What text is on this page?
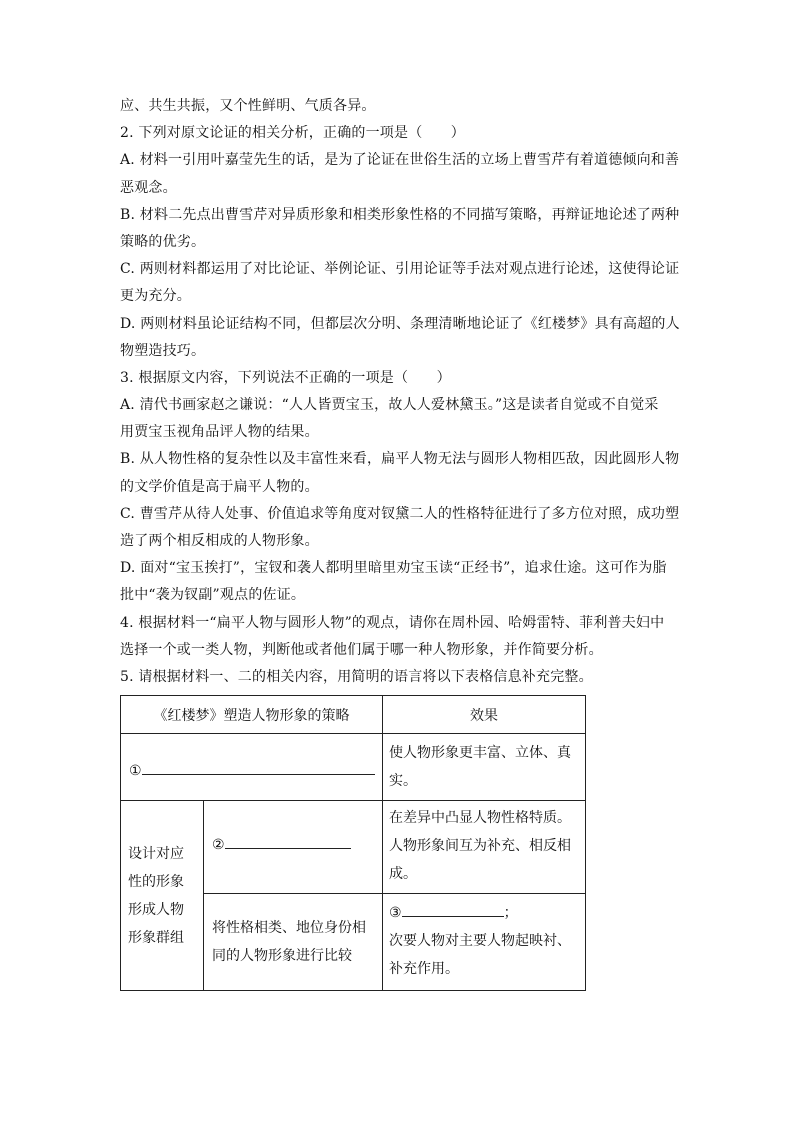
应、共生共振，又个性鲜明、气质各异。
2. 下列对原文论证的相关分析，正确的一项是（　　）
A. 材料一引用叶嘉莹先生的话，是为了论证在世俗生活的立场上曹雪芹有着道德倾向和善
恶观念。
B. 材料二先点出曹雪芹对异质形象和相类形象性格的不同描写策略，再辩证地论述了两种
策略的优劣。
C. 两则材料都运用了对比论证、举例论证、引用论证等手法对观点进行论述，这使得论证
更为充分。
D. 两则材料虽论证结构不同，但都层次分明、条理清晰地论证了《红楼梦》具有高超的人
物塑造技巧。
3. 根据原文内容，下列说法不正确的一项是（　　）
A. 清代书画家赵之谦说：“人人皆贾宝玉，故人人爱林黛玉。”这是读者自觉或不自觉采
用贾宝玉视角品评人物的结果。
B. 从人物性格的复杂性以及丰富性来看，扁平人物无法与圆形人物相匹敌，因此圆形人物
的文学价值是高于扁平人物的。
C. 曹雪芹从待人处事、价值追求等角度对钗黛二人的性格特征进行了多方位对照，成功塑
造了两个相反相成的人物形象。
D. 面对“宝玉挨打”，宝钗和袭人都明里暗里劝宝玉读“正经书”，追求仕途。这可作为脂
批中“袭为钗副”观点的佐证。
4. 根据材料一“扁平人物与圆形人物”的观点，请你在周朴园、哈姆雷特、菲利普夫妇中
选择一个或一类人物，判断他或者他们属于哪一种人物形象，并作简要分析。
5. 请根据材料一、二的相关内容，用简明的语言将以下表格信息补充完整。
《红楼梦》塑造人物形象的策略		效果

①		使人物形象更丰富、立体、真实。

设计对应性的形象形成人物形象群组	②	在差异中凸显人物性格特质。人物形象间互为补充、相反相成。

	将性格相类、地位身份相同的人物形象进行比较	③ ；
次要人物对主要人物起映衬、补充作用。
